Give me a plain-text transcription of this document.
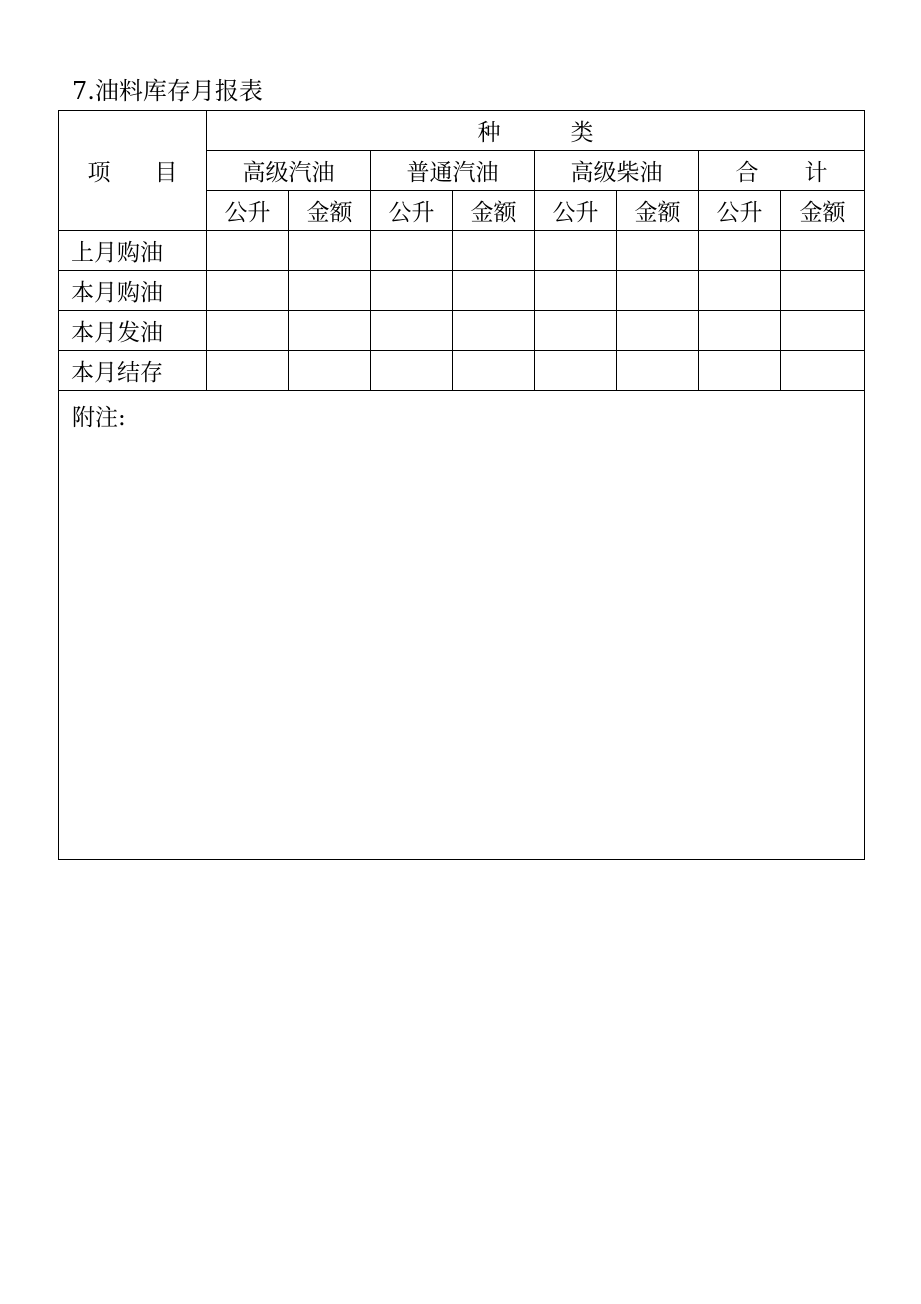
7.油料库存月报表
项 目	种 类							

	高级汽油		普通汽油		高级柴油		合 计	

	公升	金额	公升	金额	公升	金额	公升	金额
上月购油								
本月购油								
本月发油								
本月结存								
附注:								
